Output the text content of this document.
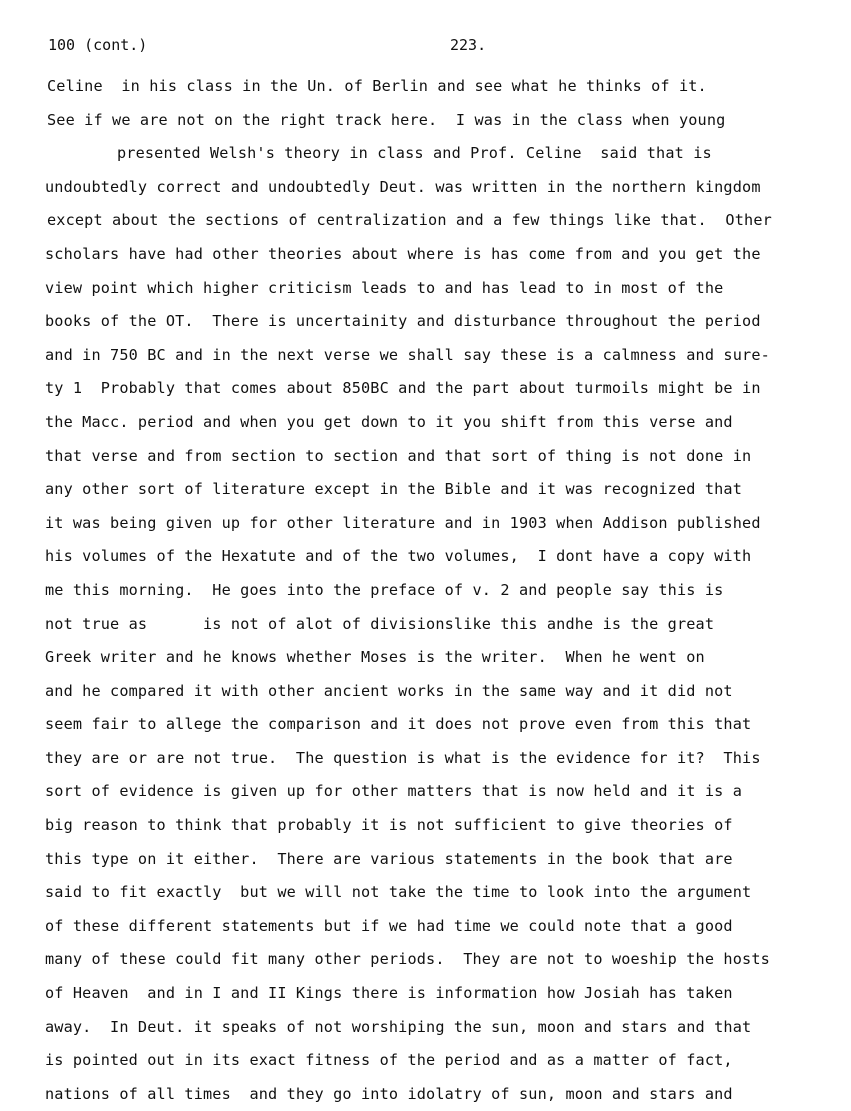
100 (cont.)	223.
Celine  in his class in the Un. of Berlin and see what he thinks of it.
See if we are not on the right track here.  I was in the class when young
presented Welsh's theory in class and Prof. Celine  said that is
undoubtedly correct and undoubtedly Deut. was written in the northern kingdom
except about the sections of centralization and a few things like that.  Other
scholars have had other theories about where is has come from and you get the
view point which higher criticism leads to and has lead to in most of the
books of the OT.  There is uncertainity and disturbance throughout the period
and in 750 BC and in the next verse we shall say these is a calmness and sure-
ty 1  Probably that comes about 850BC and the part about turmoils might be in
the Macc. period and when you get down to it you shift from this verse and
that verse and from section to section and that sort of thing is not done in
any other sort of literature except in the Bible and it was recognized that
it was being given up for other literature and in 1903 when Addison published
his volumes of the Hexatute and of the two volumes,  I dont have a copy with
me this morning.  He goes into the preface of v. 2 and people say this is
not true as      is not of alot of divisionslike this andhe is the great
Greek writer and he knows whether Moses is the writer.  When he went on
and he compared it with other ancient works in the same way and it did not
seem fair to allege the comparison and it does not prove even from this that
they are or are not true.  The question is what is the evidence for it?  This
sort of evidence is given up for other matters that is now held and it is a
big reason to think that probably it is not sufficient to give theories of
this type on it either.  There are various statements in the book that are
said to fit exactly  but we will not take the time to look into the argument
of these different statements but if we had time we could note that a good
many of these could fit many other periods.  They are not to woeship the hosts
of Heaven  and in I and II Kings there is information how Josiah has taken
away.  In Deut. it speaks of not worshiping the sun, moon and stars and that
is pointed out in its exact fitness of the period and as a matter of fact,
nations of all times  and they go into idolatry of sun, moon and stars and
